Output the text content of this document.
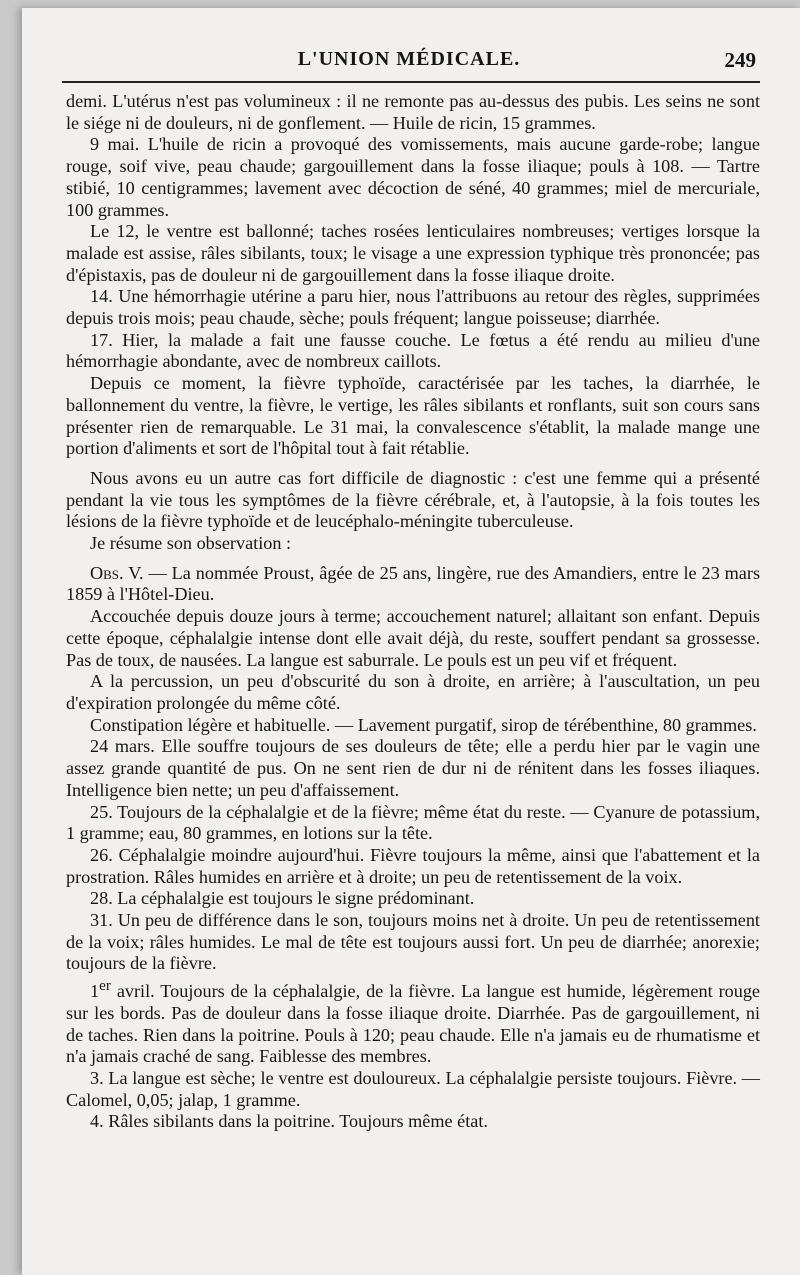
L'UNION MÉDICALE.	249

demi. L'utérus n'est pas volumineux : il ne remonte pas au-dessus des pubis. Les seins ne sont le siége ni de douleurs, ni de gonflement. — Huile de ricin, 15 grammes.

9 mai. L'huile de ricin a provoqué des vomissements, mais aucune garde-robe; langue rouge, soif vive, peau chaude; gargouillement dans la fosse iliaque; pouls à 108. — Tartre stibié, 10 centigrammes; lavement avec décoction de séné, 40 grammes; miel de mercuriale, 100 grammes.

Le 12, le ventre est ballonné; taches rosées lenticulaires nombreuses; vertiges lorsque la malade est assise, râles sibilants, toux; le visage a une expression typhique très prononcée; pas d'épistaxis, pas de douleur ni de gargouillement dans la fosse iliaque droite.

14. Une hémorrhagie utérine a paru hier, nous l'attribuons au retour des règles, supprimées depuis trois mois; peau chaude, sèche; pouls fréquent; langue poisseuse; diarrhée.

17. Hier, la malade a fait une fausse couche. Le fœtus a été rendu au milieu d'une hémorrhagie abondante, avec de nombreux caillots.

Depuis ce moment, la fièvre typhoïde, caractérisée par les taches, la diarrhée, le ballonnement du ventre, la fièvre, le vertige, les râles sibilants et ronflants, suit son cours sans présenter rien de remarquable. Le 31 mai, la convalescence s'établit, la malade mange une portion d'aliments et sort de l'hôpital tout à fait rétablie.

Nous avons eu un autre cas fort difficile de diagnostic : c'est une femme qui a présenté pendant la vie tous les symptômes de la fièvre cérébrale, et, à l'autopsie, à la fois toutes les lésions de la fièvre typhoïde et de leucéphalo-méningite tuberculeuse.

Je résume son observation :

Obs. V. — La nommée Proust, âgée de 25 ans, lingère, rue des Amandiers, entre le 23 mars 1859 à l'Hôtel-Dieu.

Accouchée depuis douze jours à terme; accouchement naturel; allaitant son enfant. Depuis cette époque, céphalalgie intense dont elle avait déjà, du reste, souffert pendant sa grossesse. Pas de toux, de nausées. La langue est saburrale. Le pouls est un peu vif et fréquent.

A la percussion, un peu d'obscurité du son à droite, en arrière; à l'auscultation, un peu d'expiration prolongée du même côté.

Constipation légère et habituelle. — Lavement purgatif, sirop de térébenthine, 80 grammes.

24 mars. Elle souffre toujours de ses douleurs de tête; elle a perdu hier par le vagin une assez grande quantité de pus. On ne sent rien de dur ni de rénitent dans les fosses iliaques. Intelligence bien nette; un peu d'affaissement.

25. Toujours de la céphalalgie et de la fièvre; même état du reste. — Cyanure de potassium, 1 gramme; eau, 80 grammes, en lotions sur la tête.

26. Céphalalgie moindre aujourd'hui. Fièvre toujours la même, ainsi que l'abattement et la prostration. Râles humides en arrière et à droite; un peu de retentissement de la voix.

28. La céphalalgie est toujours le signe prédominant.

31. Un peu de différence dans le son, toujours moins net à droite. Un peu de retentissement de la voix; râles humides. Le mal de tête est toujours aussi fort. Un peu de diarrhée; anorexie; toujours de la fièvre.

1er avril. Toujours de la céphalalgie, de la fièvre. La langue est humide, légèrement rouge sur les bords. Pas de douleur dans la fosse iliaque droite. Diarrhée. Pas de gargouillement, ni de taches. Rien dans la poitrine. Pouls à 120; peau chaude. Elle n'a jamais eu de rhumatisme et n'a jamais craché de sang. Faiblesse des membres.

3. La langue est sèche; le ventre est douloureux. La céphalalgie persiste toujours. Fièvre. — Calomel, 0,05; jalap, 1 gramme.

4. Râles sibilants dans la poitrine. Toujours même état.
